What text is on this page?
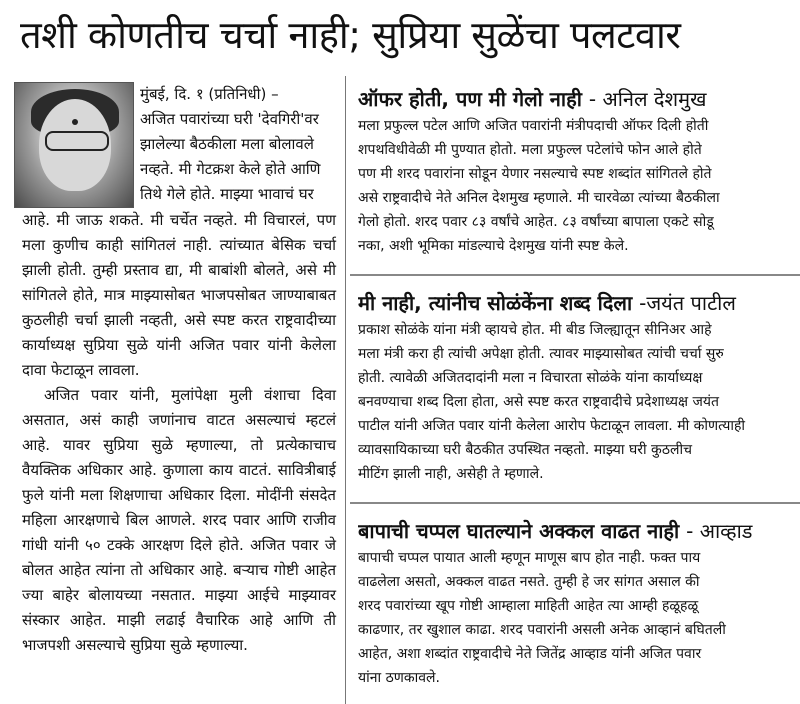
तशी कोणतीच चर्चा नाही; सुप्रिया सुळेंचा पलटवार
मुंबई, दि. १ (प्रतिनिधी) –
अजित पवारांच्या घरी 'देवगिरी'वर
झालेल्या बैठकीला मला बोलावले
नव्हते. मी गेटक्रश केले होते आणि
तिथे गेले होते. माझ्या भावाचं घर

आहे. मी जाऊ शकते. मी चर्चेत नव्हते. मी विचारलं, पण मला कुणीच काही सांगितलं नाही. त्यांच्यात बेसिक चर्चा झाली होती. तुम्ही प्रस्ताव द्या, मी बाबांशी बोलते, असे मी सांगितले होते, मात्र माझ्यासोबत भाजपसोबत जाण्याबाबत कुठलीही चर्चा झाली नव्हती, असे स्पष्ट करत राष्ट्रवादीच्या कार्याध्यक्ष सुप्रिया सुळे यांनी अजित पवार यांनी केलेला दावा फेटाळून लावला.

अजित पवार यांनी, मुलांपेक्षा मुली वंशाचा दिवा असतात, असं काही जणांनाच वाटत असल्याचं म्हटलं आहे. यावर सुप्रिया सुळे म्हणाल्या, तो प्रत्येकाचाच वैयक्तिक अधिकार आहे. कुणाला काय वाटतं. सावित्रीबाई फुले यांनी मला शिक्षणाचा अधिकार दिला. मोदींनी संसदेत महिला आरक्षणाचे बिल आणले. शरद पवार आणि राजीव गांधी यांनी ५० टक्के आरक्षण दिले होते. अजित पवार जे बोलत आहेत त्यांना तो अधिकार आहे. बऱ्याच गोष्टी आहेत ज्या बाहेर बोलायच्या नसतात. माझ्या आईचे माझ्यावर संस्कार आहेत. माझी लढाई वैचारिक आहे आणि ती भाजपशी असल्याचे सुप्रिया सुळे म्हणाल्या.

ऑफर होती, पण मी गेलो नाही - अनिल देशमुख

मला प्रफुल्ल पटेल आणि अजित पवारांनी मंत्रीपदाची ऑफर दिली होती

शपथविधीवेळी मी पुण्यात होतो. मला प्रफुल्ल पटेलांचे फोन आले होते

पण मी शरद पवारांना सोडून येणार नसल्याचे स्पष्ट शब्दांत सांगितले होते

असे राष्ट्रवादीचे नेते अनिल देशमुख म्हणाले. मी चारवेळा त्यांच्या बैठकीला

गेलो होतो. शरद पवार ८३ वर्षांचे आहेत. ८३ वर्षांच्या बापाला एकटे सोडू

नका, अशी भूमिका मांडल्याचे देशमुख यांनी स्पष्ट केले.

मी नाही, त्यांनीच सोळंकेंना शब्द दिला -जयंत पाटील

प्रकाश सोळंके यांना मंत्री व्हायचे होत. मी बीड जिल्ह्यातून सीनिअर आहे

मला मंत्री करा ही त्यांची अपेक्षा होती. त्यावर माझ्यासोबत त्यांची चर्चा सुरु

होती. त्यावेळी अजितदादांनी मला न विचारता सोळंके यांना कार्याध्यक्ष

बनवण्याचा शब्द दिला होता, असे स्पष्ट करत राष्ट्रवादीचे प्रदेशाध्यक्ष जयंत

पाटील यांनी अजित पवार यांनी केलेला आरोप फेटाळून लावला. मी कोणत्याही

व्यावसायिकाच्या घरी बैठकीत उपस्थित नव्हतो. माझ्या घरी कुठलीच

मीटिंग झाली नाही, असेही ते म्हणाले.

बापाची चप्पल घातल्याने अक्कल वाढत नाही - आव्हाड

बापाची चप्पल पायात आली म्हणून माणूस बाप होत नाही. फक्त पाय

वाढलेला असतो, अक्कल वाढत नसते. तुम्ही हे जर सांगत असाल की

शरद पवारांच्या खूप गोष्टी आम्हाला माहिती आहेत त्या आम्ही हळूहळू

काढणार, तर खुशाल काढा. शरद पवारांनी असली अनेक आव्हानं बघितली

आहेत, अशा शब्दांत राष्ट्रवादीचे नेते जितेंद्र आव्हाड यांनी अजित पवार

यांना ठणकावले.
